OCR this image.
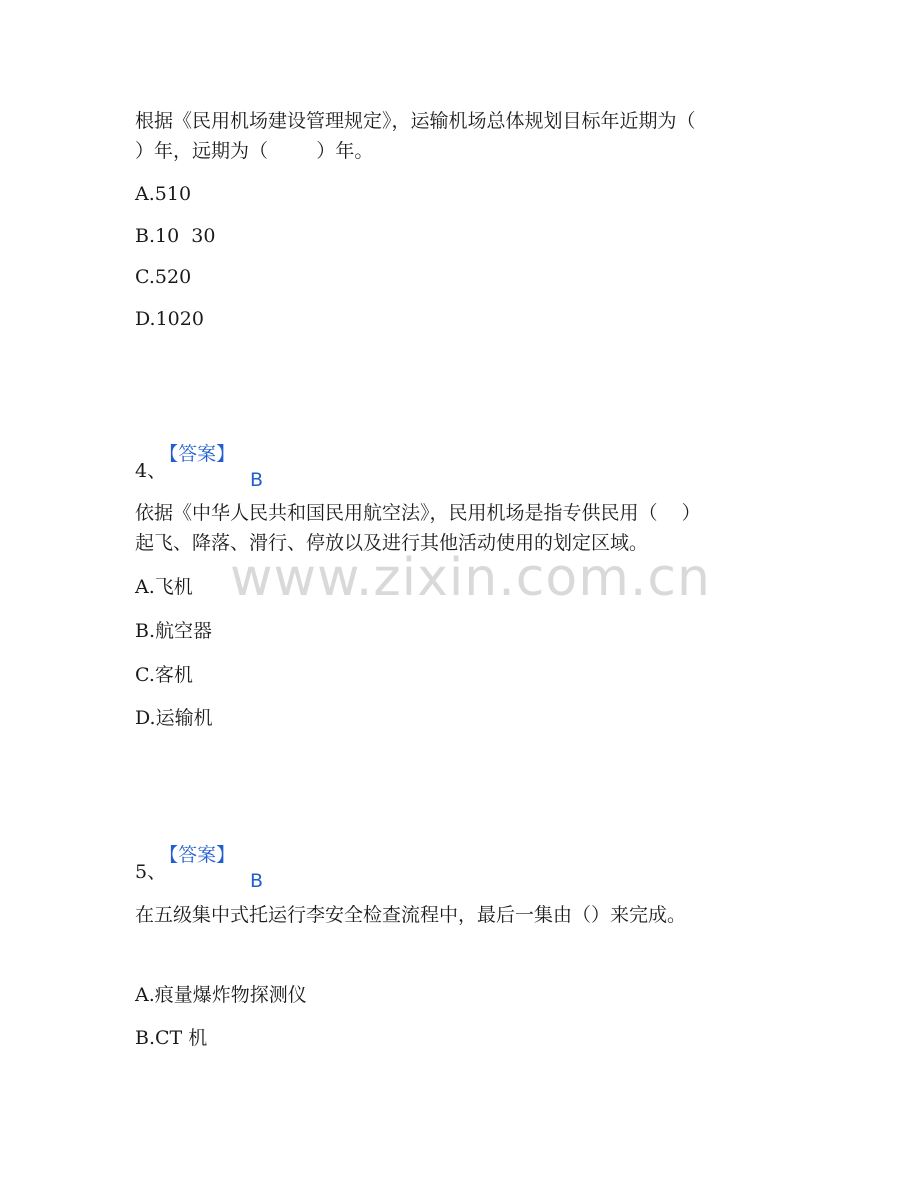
根据《民用机场建设管理规定》，运输机场总体规划目标年近期为（
）年，远期为（        ）年。
A.510
B.10  30
C.520
D.1020

【答案】

B

4、
依据《中华人民共和国民用航空法》，民用机场是指专供民用（    ）
起飞、降落、滑行、停放以及进行其他活动使用的划定区域。
A.飞机
B.航空器
C.客机
D.运输机

【答案】

B

5、
在五级集中式托运行李安全检查流程中，最后一集由（）来完成。
A.痕量爆炸物探测仪
B.CT 机
www.zixin.com.cn
